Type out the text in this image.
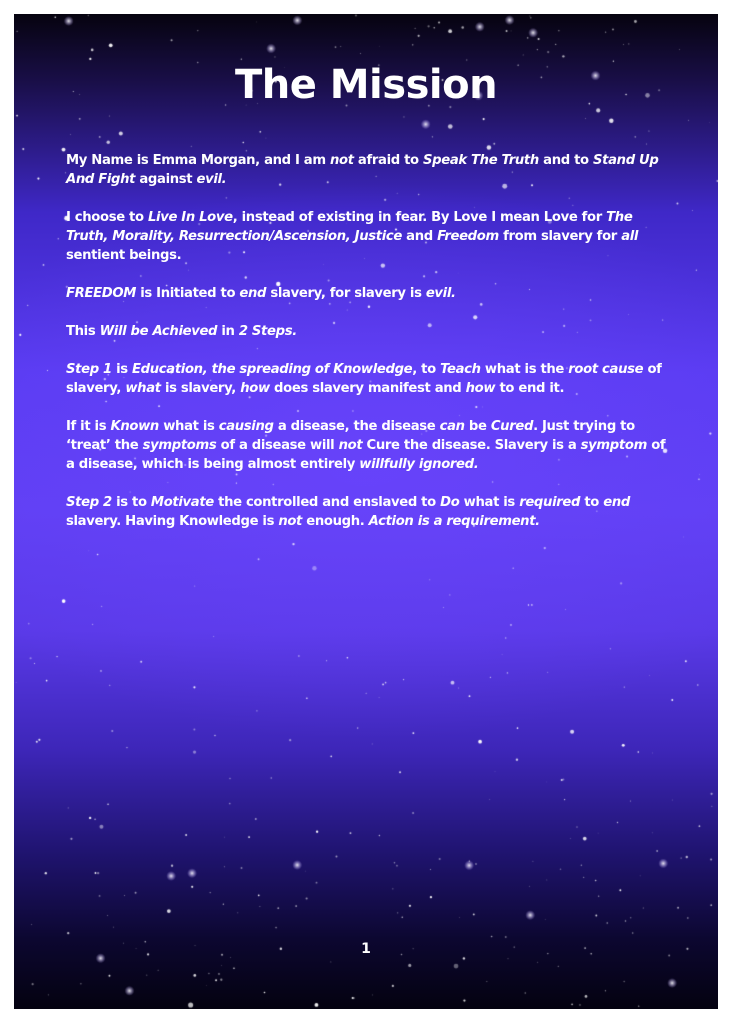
The Mission

My Name is Emma Morgan, and I am not afraid to Speak The Truth and to Stand Up And Fight against evil.

I choose to Live In Love, instead of existing in fear. By Love I mean Love for The Truth, Morality, Resurrection/Ascension, Justice and Freedom from slavery for all sentient beings.

FREEDOM is Initiated to end slavery, for slavery is evil.

This Will be Achieved in 2 Steps.

Step 1 is Education, the spreading of Knowledge, to Teach what is the root cause of slavery, what is slavery, how does slavery manifest and how to end it.

If it is Known what is causing a disease, the disease can be Cured. Just trying to ‘treat’ the symptoms of a disease will not Cure the disease. Slavery is a symptom of a disease, which is being almost entirely willfully ignored.

Step 2 is to Motivate the controlled and enslaved to Do what is required to end slavery. Having Knowledge is not enough. Action is a requirement.

1
